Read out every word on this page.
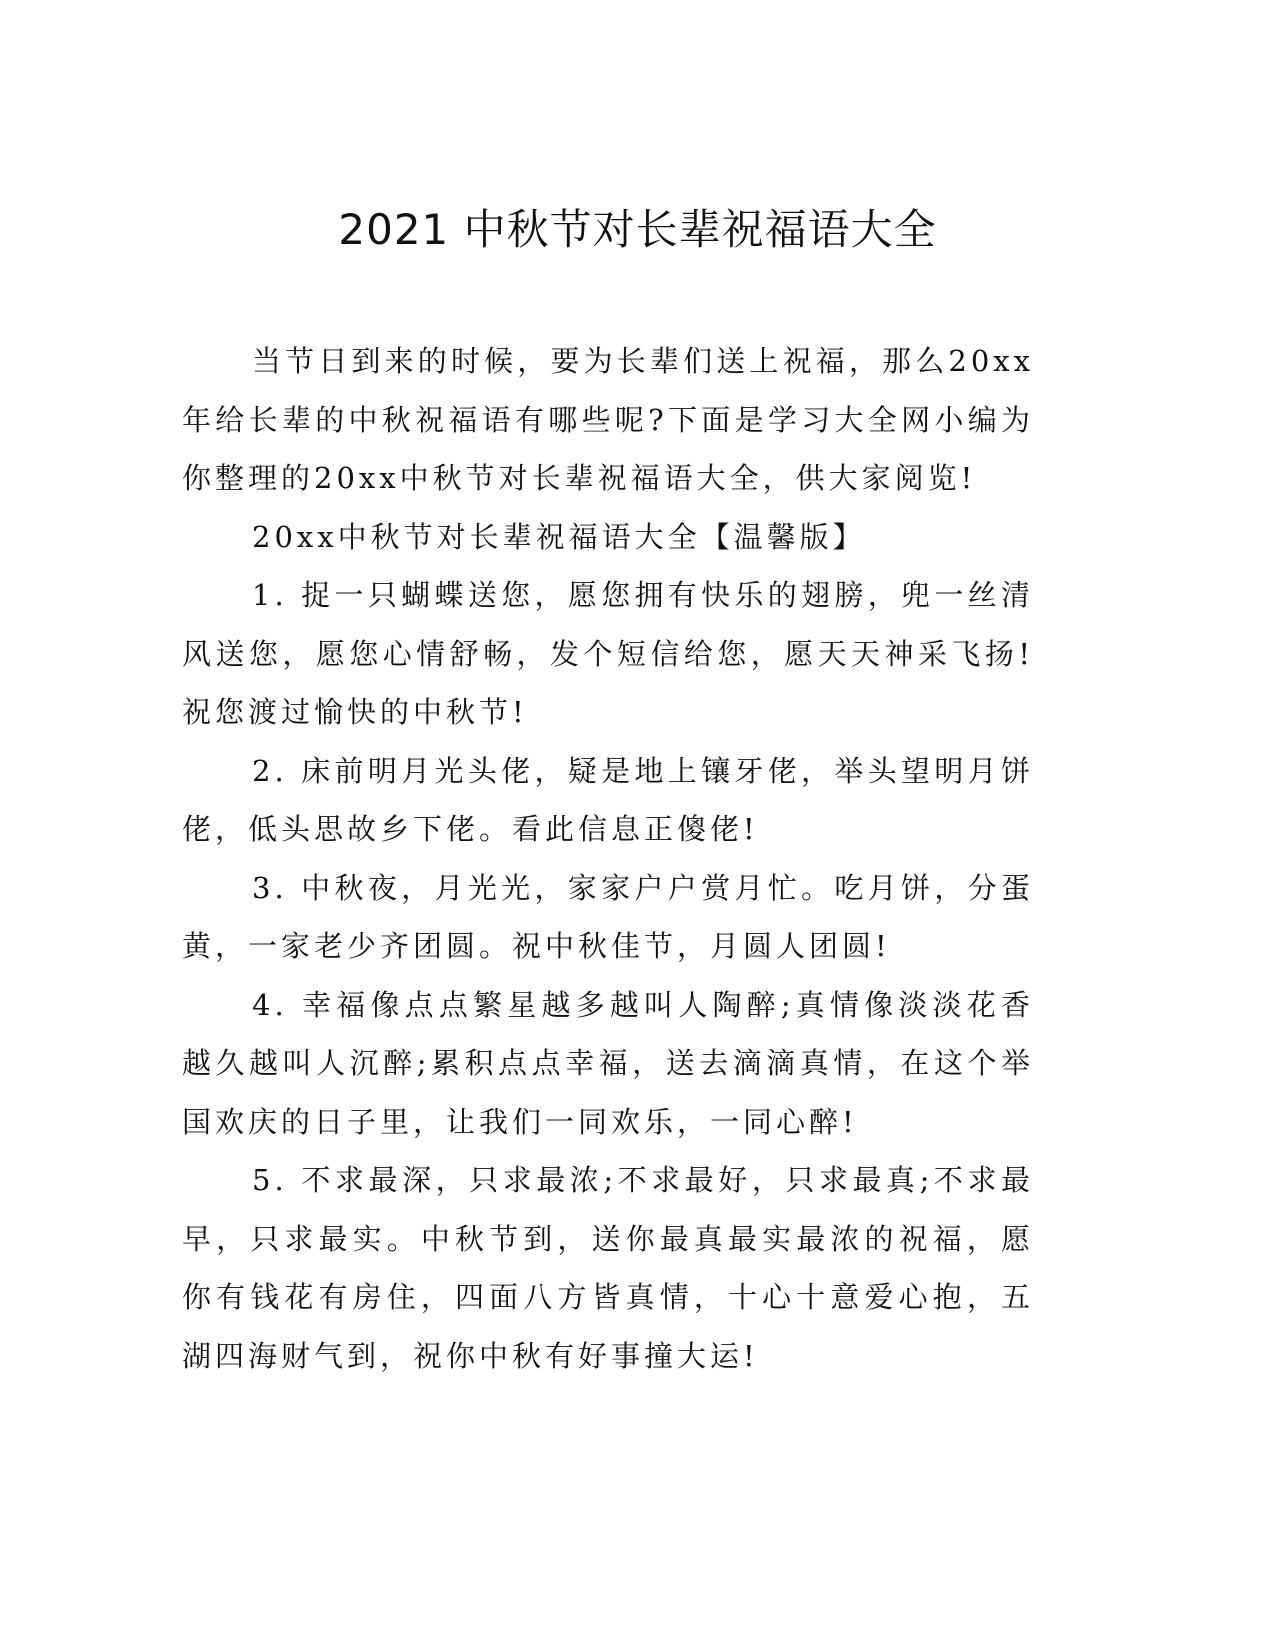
2021 中秋节对长辈祝福语大全

当节日到来的时候，要为长辈们送上祝福，那么20xx年给长辈的中秋祝福语有哪些呢?下面是学习大全网小编为你整理的20xx中秋节对长辈祝福语大全，供大家阅览!

20xx中秋节对长辈祝福语大全【温馨版】

1. 捉一只蝴蝶送您，愿您拥有快乐的翅膀，兜一丝清风送您，愿您心情舒畅，发个短信给您，愿天天神采飞扬!祝您渡过愉快的中秋节!

2. 床前明月光头佬，疑是地上镶牙佬，举头望明月饼佬，低头思故乡下佬。看此信息正傻佬!

3. 中秋夜，月光光，家家户户赏月忙。吃月饼，分蛋黄，一家老少齐团圆。祝中秋佳节，月圆人团圆!

4. 幸福像点点繁星越多越叫人陶醉;真情像淡淡花香越久越叫人沉醉;累积点点幸福，送去滴滴真情，在这个举国欢庆的日子里，让我们一同欢乐，一同心醉!

5. 不求最深，只求最浓;不求最好，只求最真;不求最早，只求最实。中秋节到，送你最真最实最浓的祝福，愿你有钱花有房住，四面八方皆真情，十心十意爱心抱，五湖四海财气到，祝你中秋有好事撞大运!
